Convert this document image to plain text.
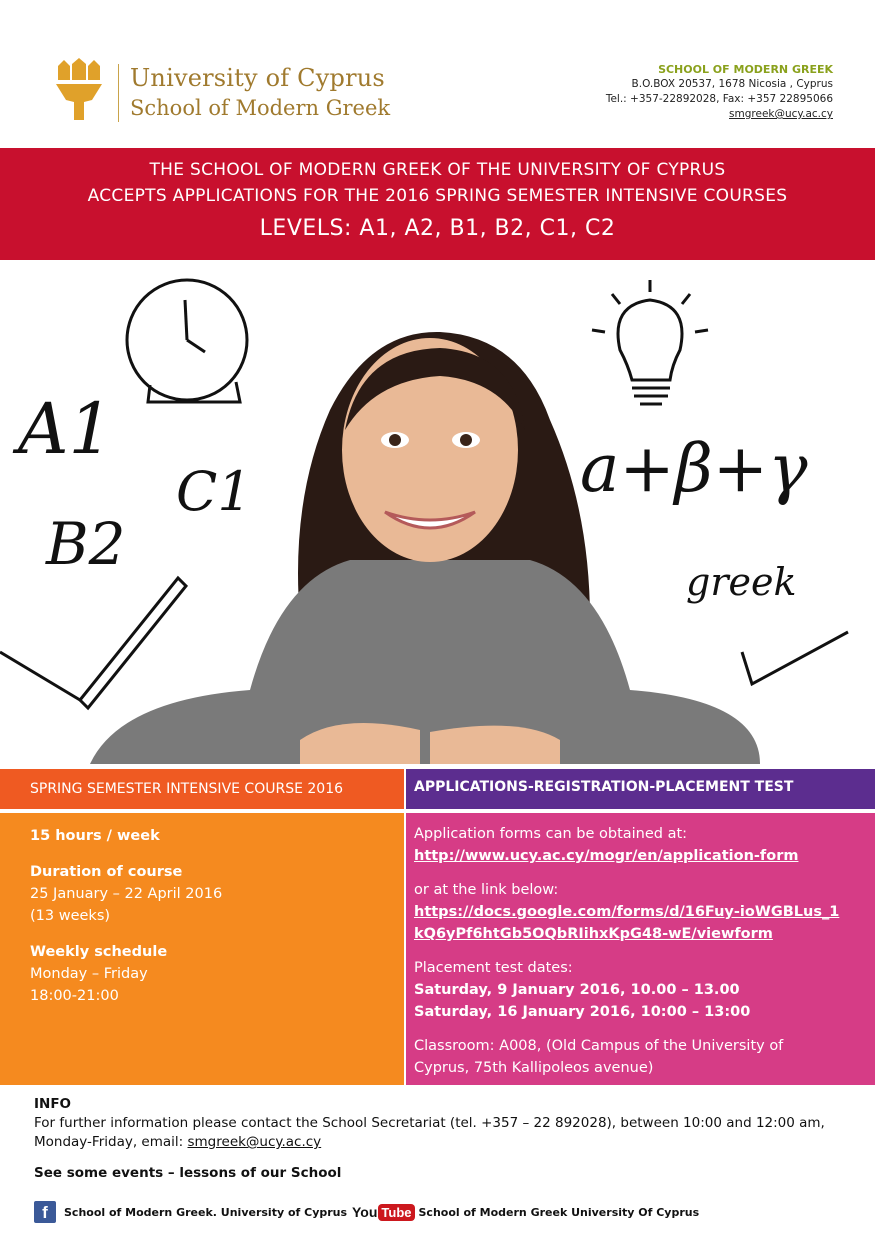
University of Cyprus
School of Modern Greek
SCHOOL OF MODERN GREEK
B.O.BOX 20537, 1678 Nicosia , Cyprus
Tel.: +357-22892028, Fax: +357 22895066
smgreek@ucy.ac.cy
THE SCHOOL OF MODERN GREEK OF THE UNIVERSITY OF CYPRUS
ACCEPTS APPLICATIONS FOR THE 2016 SPRING SEMESTER INTENSIVE COURSES
LEVELS: A1, A2, B1, B2, C1, C2
A1
C1
B2
a+β+γ
greek
SPRING SEMESTER INTENSIVE COURSE 2016	APPLICATIONS-REGISTRATION-PLACEMENT TEST
15 hours / week
Duration of course
25 January – 22 April 2016
(13 weeks)
Weekly schedule
Monday – Friday
18:00-21:00
Application forms can be obtained at:
http://www.ucy.ac.cy/mogr/en/application-form
or at the link below:
https://docs.google.com/forms/d/16Fuy-ioWGBLus_1
kQ6yPf6htGb5OQbRIihxKpG48-wE/viewform
Placement test dates:
Saturday, 9 January 2016, 10.00 – 13.00
Saturday, 16 January 2016, 10:00 – 13:00
Classroom: A008, (Old Campus of the University of
Cyprus, 75th Kallipoleos avenue)
INFO
For further information please contact the School Secretariat (tel. +357 – 22 892028), between 10:00 and 12:00 am,
Monday-Friday, email: smgreek@ucy.ac.cy
See some events – lessons of our School
f	School of Modern Greek. University of Cyprus You Tube School of Modern Greek University Of Cyprus
